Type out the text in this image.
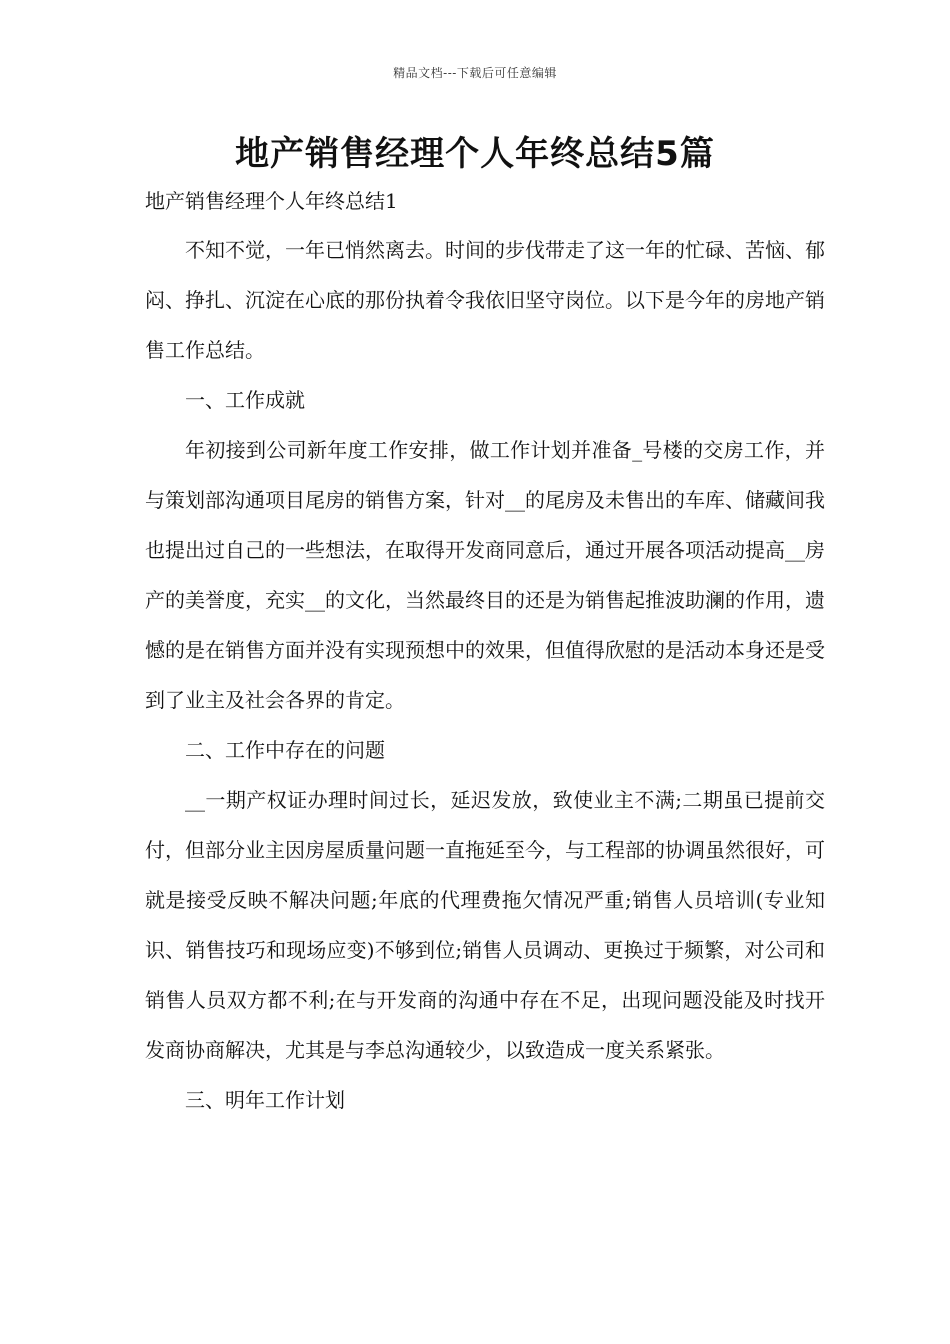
精品文档---下载后可任意编辑
地产销售经理个人年终总结5篇
地产销售经理个人年终总结1

不知不觉，一年已悄然离去。时间的步伐带走了这一年的忙碌、苦恼、郁闷、挣扎、沉淀在心底的那份执着令我依旧坚守岗位。以下是今年的房地产销售工作总结。

一、工作成就

年初接到公司新年度工作安排，做工作计划并准备_号楼的交房工作，并与策划部沟通项目尾房的销售方案，针对__的尾房及未售出的车库、储藏间我也提出过自己的一些想法，在取得开发商同意后，通过开展各项活动提高__房产的美誉度，充实__的文化，当然最终目的还是为销售起推波助澜的作用，遗憾的是在销售方面并没有实现预想中的效果，但值得欣慰的是活动本身还是受到了业主及社会各界的肯定。

二、工作中存在的问题

__一期产权证办理时间过长，延迟发放，致使业主不满;二期虽已提前交付，但部分业主因房屋质量问题一直拖延至今，与工程部的协调虽然很好，可就是接受反映不解决问题;年底的代理费拖欠情况严重;销售人员培训(专业知识、销售技巧和现场应变)不够到位;销售人员调动、更换过于频繁，对公司和销售人员双方都不利;在与开发商的沟通中存在不足，出现问题没能及时找开发商协商解决，尤其是与李总沟通较少，以致造成一度关系紧张。

三、明年工作计划
